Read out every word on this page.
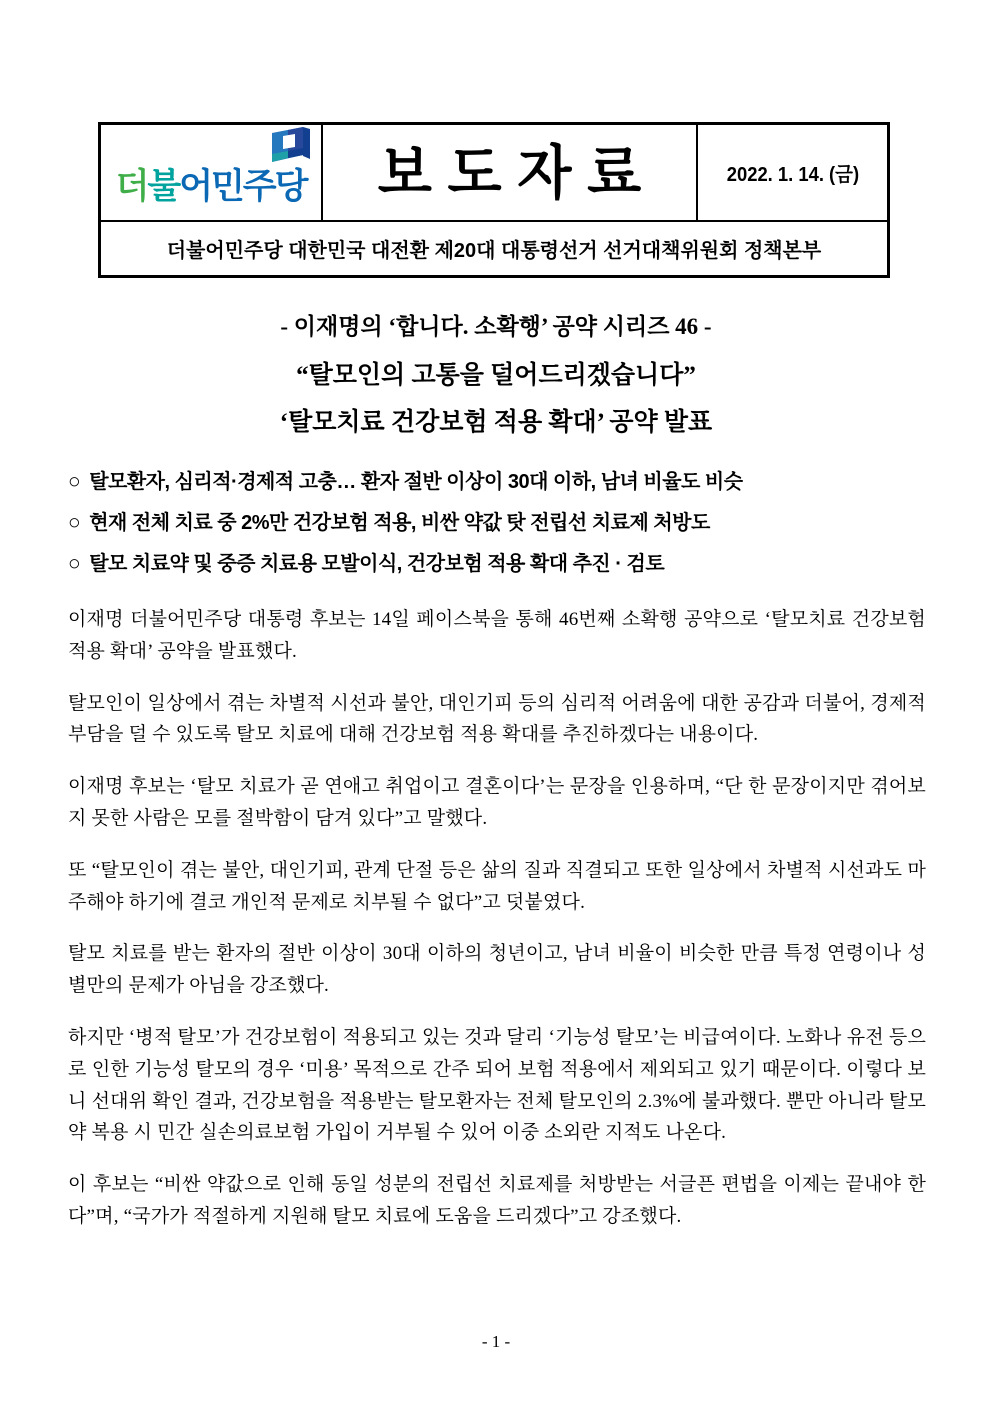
더불어민주당 보도자료	2022. 1. 14. (금)
더불어민주당 대한민국 대전환 제20대 대통령선거 선거대책위원회 정책본부
- 이재명의 ‘합니다. 소확행’ 공약 시리즈 46 -
“탈모인의 고통을 덜어드리겠습니다”
‘탈모치료 건강보험 적용 확대’ 공약 발표
○ 탈모환자, 심리적·경제적 고충… 환자 절반 이상이 30대 이하, 남녀 비율도 비슷
○ 현재 전체 치료 중 2%만 건강보험 적용, 비싼 약값 탓 전립선 치료제 처방도
○ 탈모 치료약 및 중증 치료용 모발이식, 건강보험 적용 확대 추진 · 검토

이재명 더불어민주당 대통령 후보는 14일 페이스북을 통해 46번째 소확행 공약으로 ‘탈모치료 건강보험 적용 확대’ 공약을 발표했다.

탈모인이 일상에서 겪는 차별적 시선과 불안, 대인기피 등의 심리적 어려움에 대한 공감과 더불어, 경제적 부담을 덜 수 있도록 탈모 치료에 대해 건강보험 적용 확대를 추진하겠다는 내용이다.

이재명 후보는 ‘탈모 치료가 곧 연애고 취업이고 결혼이다’는 문장을 인용하며, “단 한 문장이지만 겪어보지 못한 사람은 모를 절박함이 담겨 있다”고 말했다.

또 “탈모인이 겪는 불안, 대인기피, 관계 단절 등은 삶의 질과 직결되고 또한 일상에서 차별적 시선과도 마주해야 하기에 결코 개인적 문제로 치부될 수 없다”고 덧붙였다.

탈모 치료를 받는 환자의 절반 이상이 30대 이하의 청년이고, 남녀 비율이 비슷한 만큼 특정 연령이나 성별만의 문제가 아님을 강조했다.

하지만 ‘병적 탈모’가 건강보험이 적용되고 있는 것과 달리 ‘기능성 탈모’는 비급여이다. 노화나 유전 등으로 인한 기능성 탈모의 경우 ‘미용’ 목적으로 간주 되어 보험 적용에서 제외되고 있기 때문이다. 이렇다 보니 선대위 확인 결과, 건강보험을 적용받는 탈모환자는 전체 탈모인의 2.3%에 불과했다. 뿐만 아니라 탈모약 복용 시 민간 실손의료보험 가입이 거부될 수 있어 이중 소외란 지적도 나온다.

이 후보는 “비싼 약값으로 인해 동일 성분의 전립선 치료제를 처방받는 서글픈 편법을 이제는 끝내야 한다”며, “국가가 적절하게 지원해 탈모 치료에 도움을 드리겠다”고 강조했다.

- 1 -
